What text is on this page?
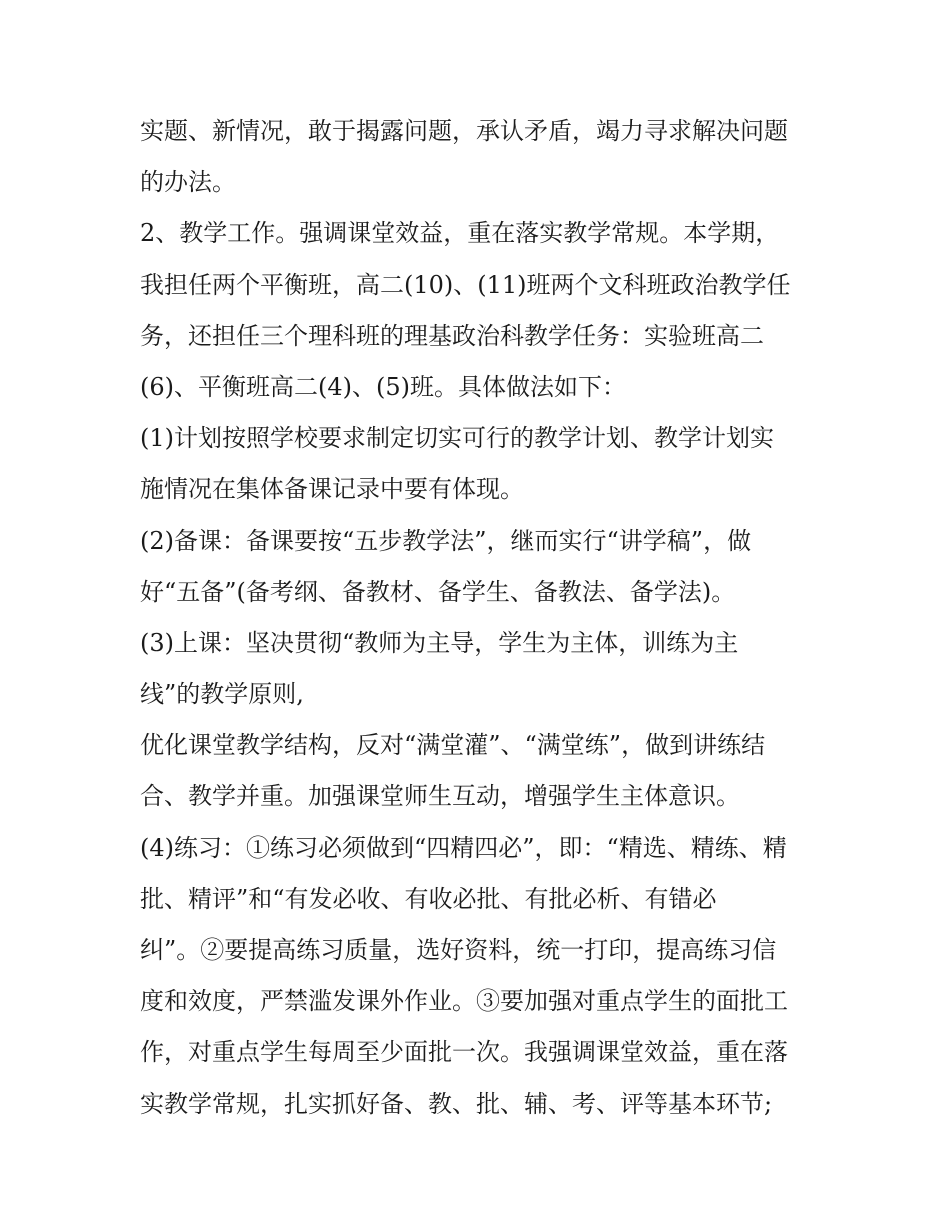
实题、新情况，敢于揭露问题，承认矛盾，竭力寻求解决问题
的办法。
2、教学工作。强调课堂效益，重在落实教学常规。本学期，
我担任两个平衡班，高二(10)、(11)班两个文科班政治教学任
务，还担任三个理科班的理基政治科教学任务：实验班高二
(6)、平衡班高二(4)、(5)班。具体做法如下：
(1)计划按照学校要求制定切实可行的教学计划、教学计划实
施情况在集体备课记录中要有体现。
(2)备课：备课要按“五步教学法”，继而实行“讲学稿”，做
好“五备”(备考纲、备教材、备学生、备教法、备学法)。
(3)上课：坚决贯彻“教师为主导，学生为主体，训练为主
线”的教学原则,
优化课堂教学结构，反对“满堂灌”、“满堂练”，做到讲练结
合、教学并重。加强课堂师生互动，增强学生主体意识。
(4)练习：①练习必须做到“四精四必”，即：“精选、精练、精
批、精评”和“有发必收、有收必批、有批必析、有错必
纠”。②要提高练习质量，选好资料，统一打印，提高练习信
度和效度，严禁滥发课外作业。③要加强对重点学生的面批工
作，对重点学生每周至少面批一次。我强调课堂效益，重在落
实教学常规，扎实抓好备、教、批、辅、考、评等基本环节;
